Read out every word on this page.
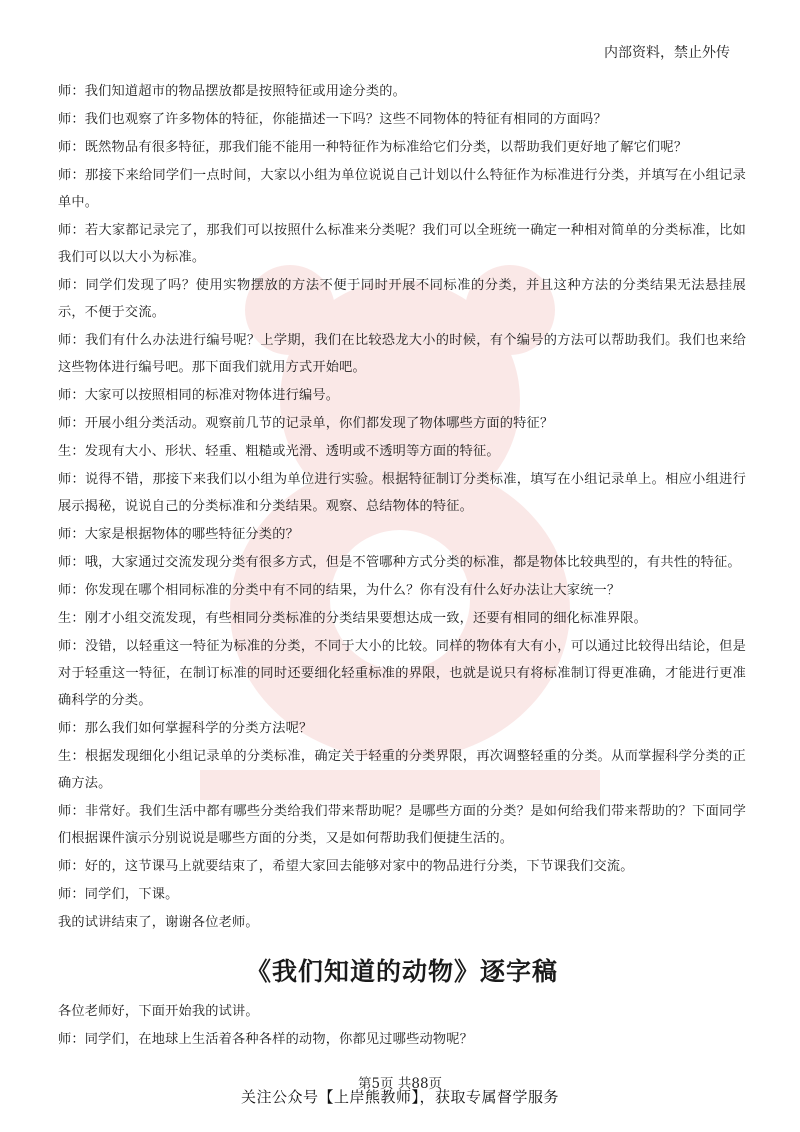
内部资料，禁止外传

师：我们知道超市的物品摆放都是按照特征或用途分类的。

师：我们也观察了许多物体的特征，你能描述一下吗？这些不同物体的特征有相同的方面吗？

师：既然物品有很多特征，那我们能不能用一种特征作为标准给它们分类，以帮助我们更好地了解它们呢？

师：那接下来给同学们一点时间，大家以小组为单位说说自己计划以什么特征作为标准进行分类，并填写在小组记录单中。

师：若大家都记录完了，那我们可以按照什么标准来分类呢？我们可以全班统一确定一种相对简单的分类标准，比如我们可以以大小为标准。

师：同学们发现了吗？使用实物摆放的方法不便于同时开展不同标准的分类，并且这种方法的分类结果无法悬挂展示，不便于交流。

师：我们有什么办法进行编号呢？上学期，我们在比较恐龙大小的时候，有个编号的方法可以帮助我们。我们也来给这些物体进行编号吧。那下面我们就用方式开始吧。

师：大家可以按照相同的标准对物体进行编号。

师：开展小组分类活动。观察前几节的记录单，你们都发现了物体哪些方面的特征？

生：发现有大小、形状、轻重、粗糙或光滑、透明或不透明等方面的特征。

师：说得不错，那接下来我们以小组为单位进行实验。根据特征制订分类标准，填写在小组记录单上。相应小组进行展示揭秘，说说自己的分类标准和分类结果。观察、总结物体的特征。

师：大家是根据物体的哪些特征分类的？

师：哦，大家通过交流发现分类有很多方式，但是不管哪种方式分类的标准，都是物体比较典型的，有共性的特征。

师：你发现在哪个相同标准的分类中有不同的结果，为什么？你有没有什么好办法让大家统一？

生：刚才小组交流发现，有些相同分类标准的分类结果要想达成一致，还要有相同的细化标准界限。

师：没错，以轻重这一特征为标准的分类，不同于大小的比较。同样的物体有大有小，可以通过比较得出结论，但是对于轻重这一特征，在制订标准的同时还要细化轻重标准的界限，也就是说只有将标准制订得更准确，才能进行更准确科学的分类。

师：那么我们如何掌握科学的分类方法呢？

生：根据发现细化小组记录单的分类标准，确定关于轻重的分类界限，再次调整轻重的分类。从而掌握科学分类的正确方法。

师：非常好。我们生活中都有哪些分类给我们带来帮助呢？是哪些方面的分类？是如何给我们带来帮助的？下面同学们根据课件演示分别说说是哪些方面的分类，又是如何帮助我们便捷生活的。

师：好的，这节课马上就要结束了，希望大家回去能够对家中的物品进行分类，下节课我们交流。

师：同学们，下课。

我的试讲结束了，谢谢各位老师。

《我们知道的动物》逐字稿

各位老师好，下面开始我的试讲。

师：同学们，在地球上生活着各种各样的动物，你都见过哪些动物呢？

第5页 共88页
关注公众号【上岸熊教师】，获取专属督学服务
